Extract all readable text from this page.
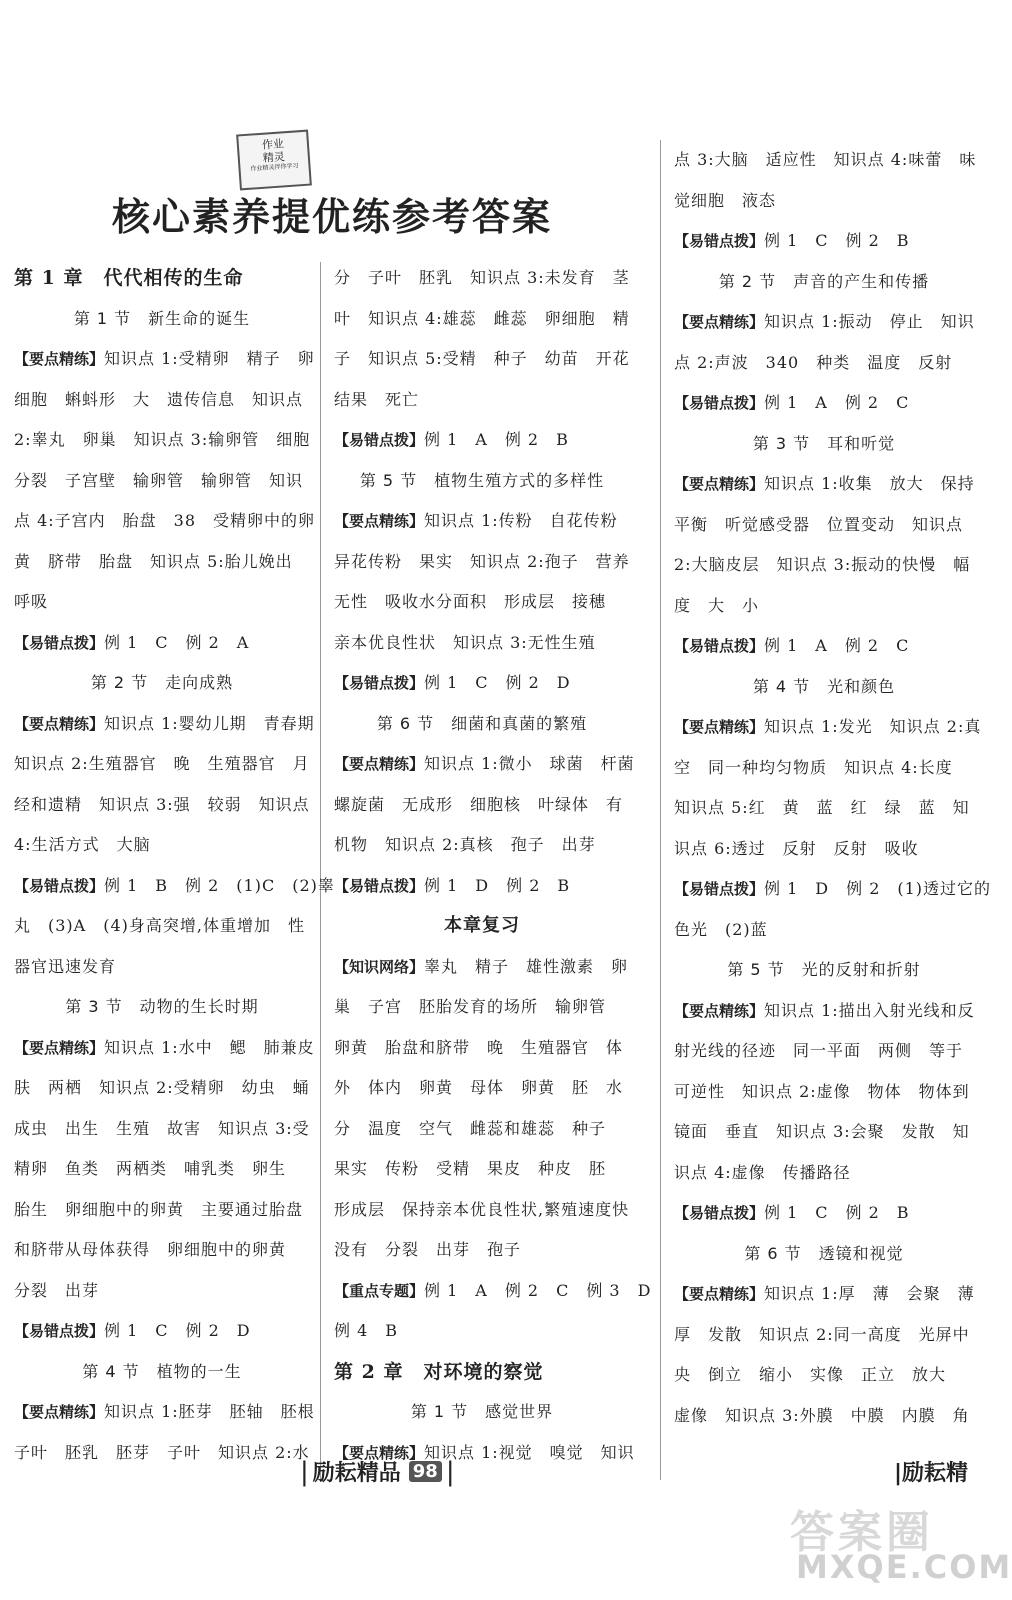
作业
精灵
作业精灵伴你学习
核心素养提优练参考答案
第 1 章　代代相传的生命
第 1 节　新生命的诞生
【要点精练】知识点 1:受精卵　精子　卵
细胞　蝌蚪形　大　遗传信息　知识点
2:睾丸　卵巢　知识点 3:输卵管　细胞
分裂　子宫壁　输卵管　输卵管　知识
点 4:子宫内　胎盘　38　受精卵中的卵
黄　脐带　胎盘　知识点 5:胎儿娩出
呼吸
【易错点拨】例 1　C　例 2　A
第 2 节　走向成熟
【要点精练】知识点 1:婴幼儿期　青春期
知识点 2:生殖器官　晚　生殖器官　月
经和遗精　知识点 3:强　较弱　知识点
4:生活方式　大脑
【易错点拨】例 1　B　例 2　(1)C　(2)睾
丸　(3)A　(4)身高突增,体重增加　性
器官迅速发育
第 3 节　动物的生长时期
【要点精练】知识点 1:水中　鳃　肺兼皮
肤　两栖　知识点 2:受精卵　幼虫　蛹
成虫　出生　生殖　故害　知识点 3:受
精卵　鱼类　两栖类　哺乳类　卵生
胎生　卵细胞中的卵黄　主要通过胎盘
和脐带从母体获得　卵细胞中的卵黄
分裂　出芽
【易错点拨】例 1　C　例 2　D
第 4 节　植物的一生
【要点精练】知识点 1:胚芽　胚轴　胚根
子叶　胚乳　胚芽　子叶　知识点 2:水
分　子叶　胚乳　知识点 3:未发育　茎
叶　知识点 4:雄蕊　雌蕊　卵细胞　精
子　知识点 5:受精　种子　幼苗　开花
结果　死亡
【易错点拨】例 1　A　例 2　B
第 5 节　植物生殖方式的多样性
【要点精练】知识点 1:传粉　自花传粉
异花传粉　果实　知识点 2:孢子　营养
无性　吸收水分面积　形成层　接穗
亲本优良性状　知识点 3:无性生殖
【易错点拨】例 1　C　例 2　D
第 6 节　细菌和真菌的繁殖
【要点精练】知识点 1:微小　球菌　杆菌
螺旋菌　无成形　细胞核　叶绿体　有
机物　知识点 2:真核　孢子　出芽
【易错点拨】例 1　D　例 2　B
本章复习
【知识网络】睾丸　精子　雄性激素　卵
巢　子宫　胚胎发育的场所　输卵管
卵黄　胎盘和脐带　晚　生殖器官　体
外　体内　卵黄　母体　卵黄　胚　水
分　温度　空气　雌蕊和雄蕊　种子
果实　传粉　受精　果皮　种皮　胚
形成层　保持亲本优良性状,繁殖速度快
没有　分裂　出芽　孢子
【重点专题】例 1　A　例 2　C　例 3　D
例 4　B
第 2 章　对环境的察觉
第 1 节　感觉世界
【要点精练】知识点 1:视觉　嗅觉　知识
点 3:大脑　适应性　知识点 4:味蕾　味
觉细胞　液态
【易错点拨】例 1　C　例 2　B
第 2 节　声音的产生和传播
【要点精练】知识点 1:振动　停止　知识
点 2:声波　340　种类　温度　反射
【易错点拨】例 1　A　例 2　C
第 3 节　耳和听觉
【要点精练】知识点 1:收集　放大　保持
平衡　听觉感受器　位置变动　知识点
2:大脑皮层　知识点 3:振动的快慢　幅
度　大　小
【易错点拨】例 1　A　例 2　C
第 4 节　光和颜色
【要点精练】知识点 1:发光　知识点 2:真
空　同一种均匀物质　知识点 4:长度
知识点 5:红　黄　蓝　红　绿　蓝　知
识点 6:透过　反射　反射　吸收
【易错点拨】例 1　D　例 2　(1)透过它的
色光　(2)蓝
第 5 节　光的反射和折射
【要点精练】知识点 1:描出入射光线和反
射光线的径迹　同一平面　两侧　等于
可逆性　知识点 2:虚像　物体　物体到
镜面　垂直　知识点 3:会聚　发散　知
识点 4:虚像　传播路径
【易错点拨】例 1　C　例 2　B
第 6 节　透镜和视觉
【要点精练】知识点 1:厚　薄　会聚　薄
厚　发散　知识点 2:同一高度　光屏中
央　倒立　缩小　实像　正立　放大
虚像　知识点 3:外膜　中膜　内膜　角
| 励耘精品 98 |	|励耘精
答案圈
MXQE.COM
